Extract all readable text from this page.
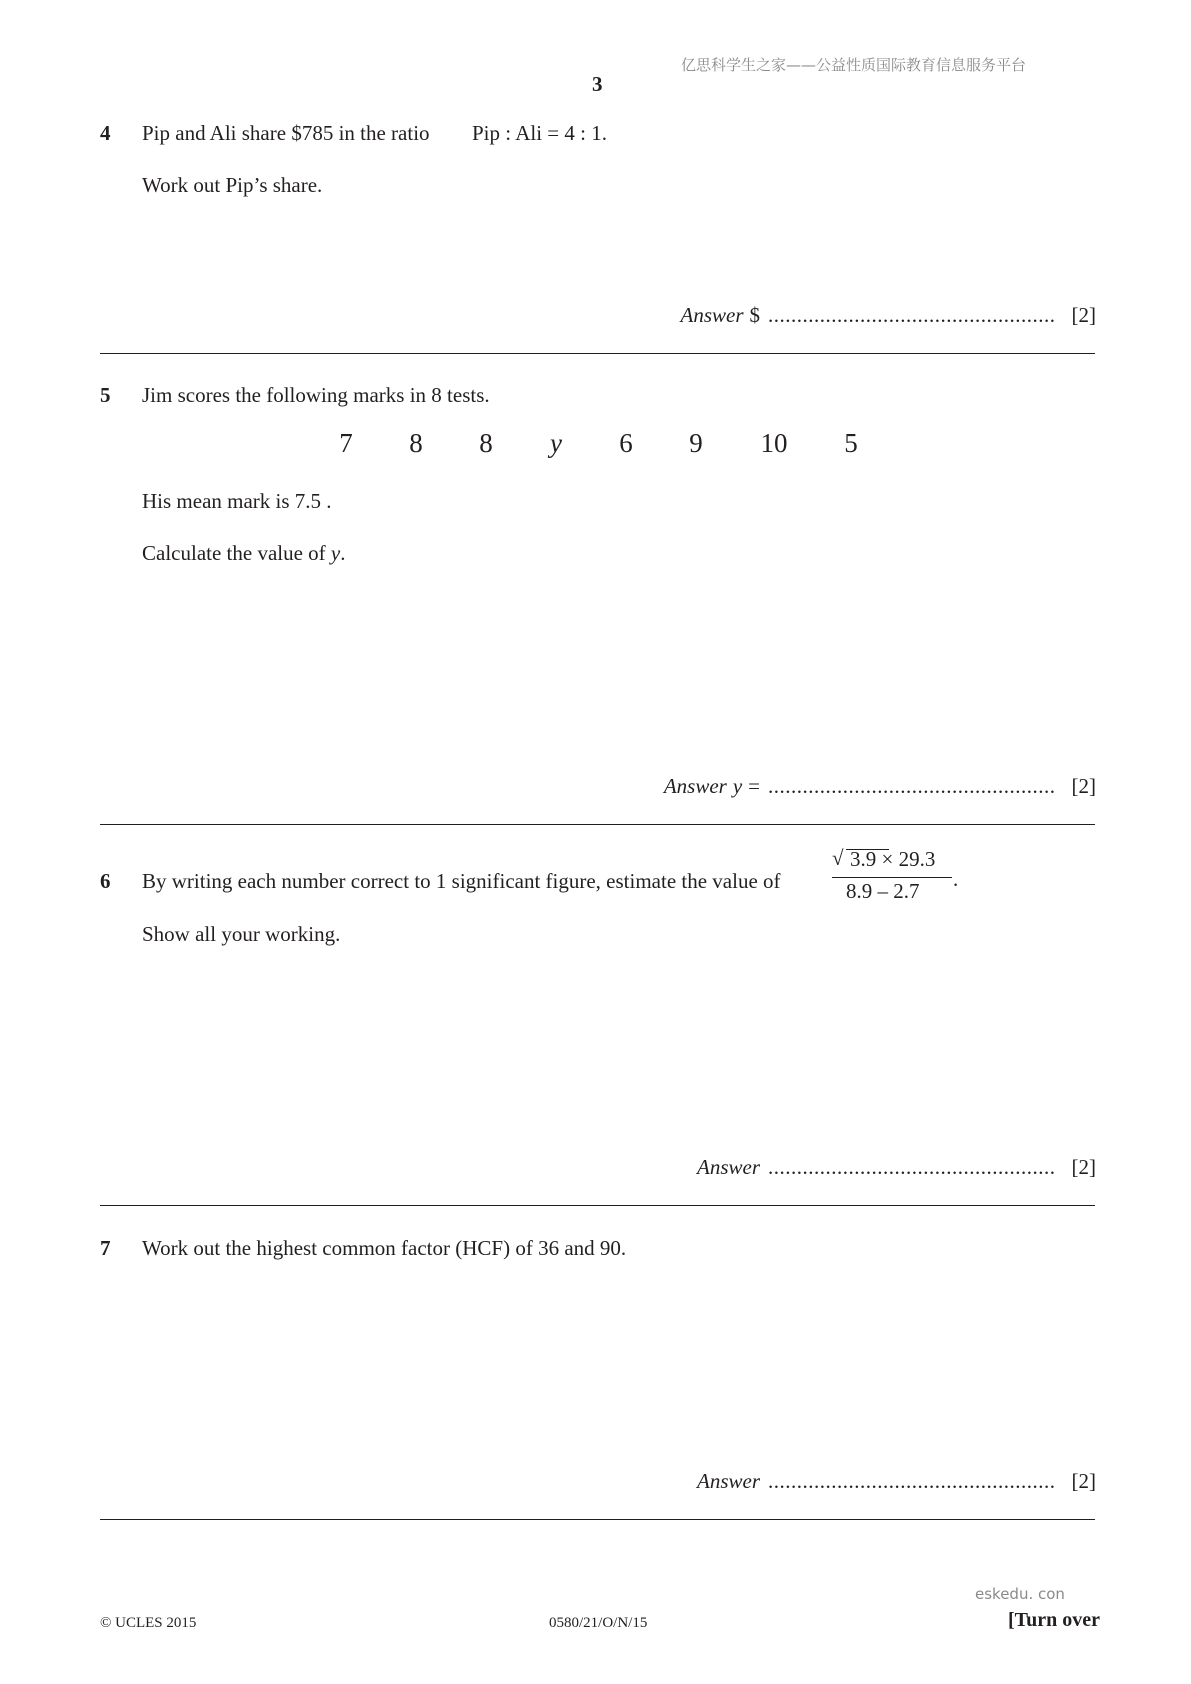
亿思科学生之家——公益性质国际教育信息服务平台
3
4 Pip and Ali share $785 in the ratio Pip : Ali = 4 : 1.
Work out Pip’s share.
Answer $ .................................................. [2]
5 Jim scores the following marks in 8 tests.
7	8	8	y	6	9	10	5
His mean mark is 7.5 .
Calculate the value of y.
Answer y = .................................................. [2]
6 By writing each number correct to 1 significant figure, estimate the value of
√ 3.9 × 29.3
8.9 – 2.7	.
Show all your working.
Answer .................................................. [2]
7 Work out the highest common factor (HCF) of 36 and 90.
Answer .................................................. [2]
eskedu. con
© UCLES 2015	0580/21/O/N/15	[Turn over
